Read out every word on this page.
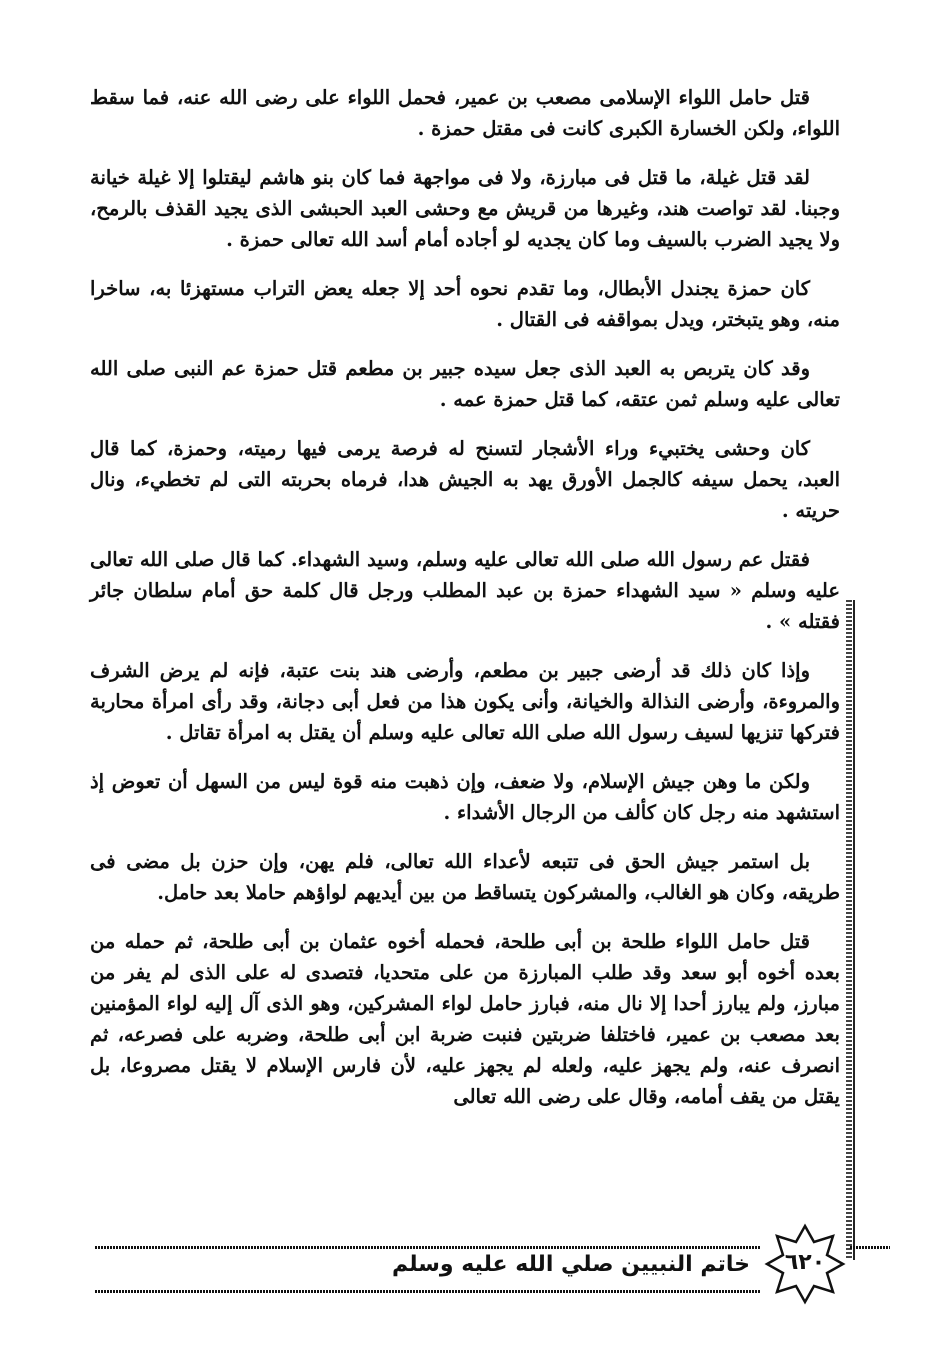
قتل حامل اللواء الإسلامى مصعب بن عمير، فحمل اللواء على رضى الله عنه، فما سقط اللواء، ولكن الخسارة الكبرى كانت فى مقتل حمزة .

لقد قتل غيلة، ما قتل فى مبارزة، ولا فى مواجهة فما كان بنو هاشم ليقتلوا إلا غيلة خيانة وجبنا. لقد تواصت هند، وغيرها من قريش مع وحشى العبد الحبشى الذى يجيد القذف بالرمح، ولا يجيد الضرب بالسيف وما كان يجديه لو أجاده أمام أسد الله تعالى حمزة .

كان حمزة يجندل الأبطال، وما تقدم نحوه أحد إلا جعله يعض التراب مستهزئا به، ساخرا منه، وهو يتبختر، ويدل بمواقفه فى القتال .

وقد كان يتربص به العبد الذى جعل سيده جبير بن مطعم قتل حمزة عم النبى صلى الله تعالى عليه وسلم ثمن عتقه، كما قتل حمزة عمه .

كان وحشى يختبيء وراء الأشجار لتسنح له فرصة يرمى فيها رميته، وحمزة، كما قال العبد، يحمل سيفه كالجمل الأورق يهد به الجيش هدا، فرماه بحربته التى لم تخطيء، ونال حريته .

فقتل عم رسول الله صلى الله تعالى عليه وسلم، وسيد الشهداء. كما قال صلى الله تعالى عليه وسلم « سيد الشهداء حمزة بن عبد المطلب ورجل قال كلمة حق أمام سلطان جائر فقتله » .

وإذا كان ذلك قد أرضى جبير بن مطعم، وأرضى هند بنت عتبة، فإنه لم يرض الشرف والمروءة، وأرضى النذالة والخيانة، وأنى يكون هذا من فعل أبى دجانة، وقد رأى امرأة محاربة فتركها تنزيها لسيف رسول الله صلى الله تعالى عليه وسلم أن يقتل به امرأة تقاتل .

ولكن ما وهن جيش الإسلام، ولا ضعف، وإن ذهبت منه قوة ليس من السهل أن تعوض إذ استشهد منه رجل كان كألف من الرجال الأشداء .

بل استمر جيش الحق فى تتبعه لأعداء الله تعالى، فلم يهن، وإن حزن بل مضى فى طريقه، وكان هو الغالب، والمشركون يتساقط من بين أيديهم لواؤهم حاملا بعد حامل.

قتل حامل اللواء طلحة بن أبى طلحة، فحمله أخوه عثمان بن أبى طلحة، ثم حمله من بعده أخوه أبو سعد وقد طلب المبارزة من على متحديا، فتصدى له على الذى لم يفر من مبارز، ولم يبارز أحدا إلا نال منه، فبارز حامل لواء المشركين، وهو الذى آل إليه لواء المؤمنين بعد مصعب بن عمير، فاختلفا ضربتين فنبت ضربة ابن أبى طلحة، وضربه على فصرعه، ثم انصرف عنه، ولم يجهز عليه، ولعله لم يجهز عليه، لأن فارس الإسلام لا يقتل مصروعا، بل يقتل من يقف أمامه، وقال على رضى الله تعالى

خاتم النبيين صلي الله عليه وسلم	٦٢٠
